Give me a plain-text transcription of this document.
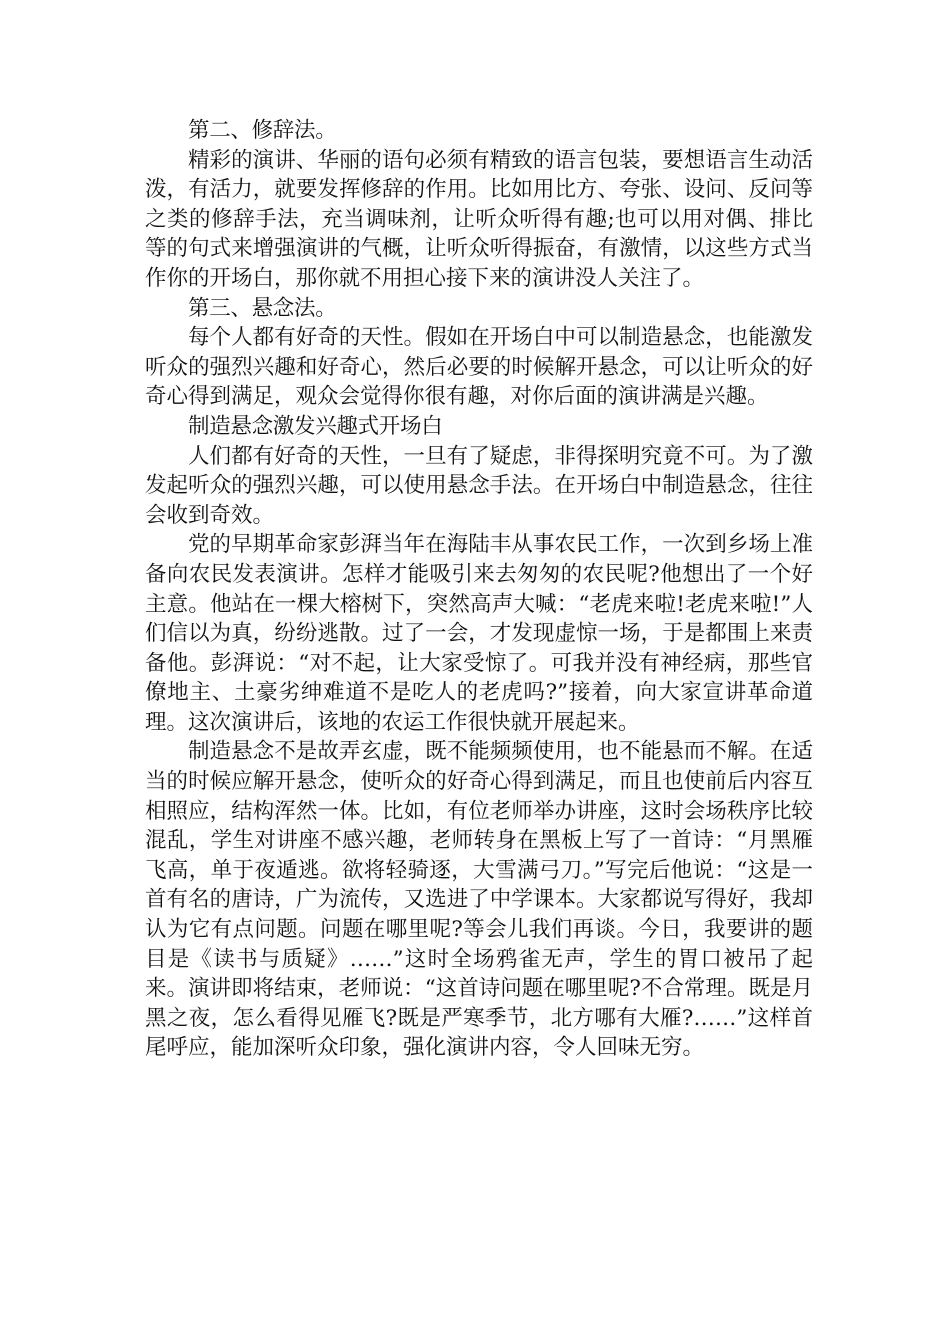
第二、修辞法。

精彩的演讲、华丽的语句必须有精致的语言包装，要想语言生动活泼，有活力，就要发挥修辞的作用。比如用比方、夸张、设问、反问等之类的修辞手法，充当调味剂，让听众听得有趣;也可以用对偶、排比等的句式来增强演讲的气概，让听众听得振奋，有激情，以这些方式当作你的开场白，那你就不用担心接下来的演讲没人关注了。

第三、悬念法。

每个人都有好奇的天性。假如在开场白中可以制造悬念，也能激发听众的强烈兴趣和好奇心，然后必要的时候解开悬念，可以让听众的好奇心得到满足，观众会觉得你很有趣，对你后面的演讲满是兴趣。

制造悬念激发兴趣式开场白

人们都有好奇的天性，一旦有了疑虑，非得探明究竟不可。为了激发起听众的强烈兴趣，可以使用悬念手法。在开场白中制造悬念，往往会收到奇效。

党的早期革命家彭湃当年在海陆丰从事农民工作，一次到乡场上准备向农民发表演讲。怎样才能吸引来去匆匆的农民呢?他想出了一个好主意。他站在一棵大榕树下，突然高声大喊：“老虎来啦!老虎来啦!”人们信以为真，纷纷逃散。过了一会，才发现虚惊一场，于是都围上来责备他。彭湃说：“对不起，让大家受惊了。可我并没有神经病，那些官僚地主、土豪劣绅难道不是吃人的老虎吗?”接着，向大家宣讲革命道理。这次演讲后，该地的农运工作很快就开展起来。

制造悬念不是故弄玄虚，既不能频频使用，也不能悬而不解。在适当的时候应解开悬念，使听众的好奇心得到满足，而且也使前后内容互相照应，结构浑然一体。比如，有位老师举办讲座，这时会场秩序比较混乱，学生对讲座不感兴趣，老师转身在黑板上写了一首诗：“月黑雁飞高，单于夜遁逃。欲将轻骑逐，大雪满弓刀。”写完后他说：“这是一首有名的唐诗，广为流传，又选进了中学课本。大家都说写得好，我却认为它有点问题。问题在哪里呢?等会儿我们再谈。今日，我要讲的题目是《读书与质疑》……”这时全场鸦雀无声，学生的胃口被吊了起来。演讲即将结束，老师说：“这首诗问题在哪里呢?不合常理。既是月黑之夜，怎么看得见雁飞?既是严寒季节，北方哪有大雁?……”这样首尾呼应，能加深听众印象，强化演讲内容，令人回味无穷。
